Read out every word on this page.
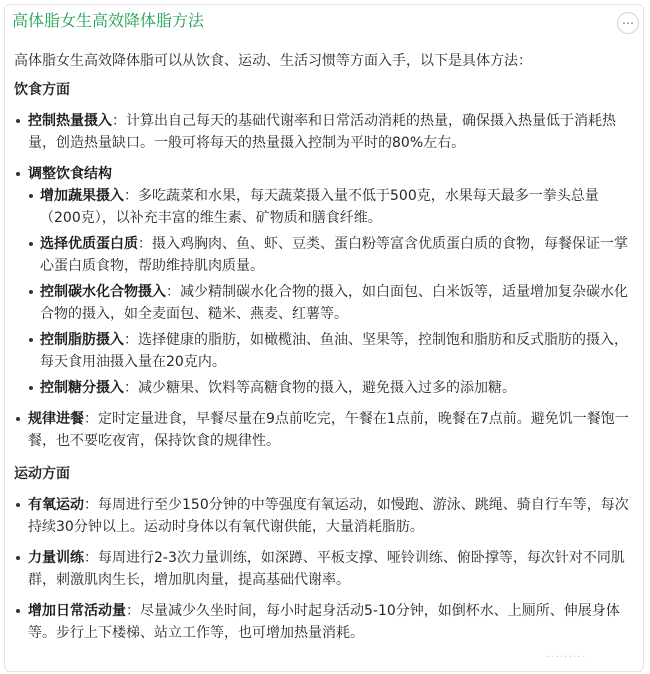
高体脂女生高效降体脂方法	⋯

高体脂女生高效降体脂可以从饮食、运动、生活习惯等方面入手，以下是具体方法：

饮食方面
控制热量摄入：计算出自己每天的基础代谢率和日常活动消耗的热量，确保摄入热量低于消耗热量，创造热量缺口。一般可将每天的热量摄入控制为平时的80%左右。
调整饮食结构
增加蔬果摄入：多吃蔬菜和水果，每天蔬菜摄入量不低于500克，水果每天最多一拳头总量（200克），以补充丰富的维生素、矿物质和膳食纤维。
选择优质蛋白质：摄入鸡胸肉、鱼、虾、豆类、蛋白粉等富含优质蛋白质的食物，每餐保证一掌心蛋白质食物，帮助维持肌肉质量。
控制碳水化合物摄入：减少精制碳水化合物的摄入，如白面包、白米饭等，适量增加复杂碳水化合物的摄入，如全麦面包、糙米、燕麦、红薯等。
控制脂肪摄入：选择健康的脂肪，如橄榄油、鱼油、坚果等，控制饱和脂肪和反式脂肪的摄入，每天食用油摄入量在20克内。
控制糖分摄入：减少糖果、饮料等高糖食物的摄入，避免摄入过多的添加糖。
规律进餐：定时定量进食，早餐尽量在9点前吃完，午餐在1点前，晚餐在7点前。避免饥一餐饱一餐，也不要吃夜宵，保持饮食的规律性。
运动方面
有氧运动：每周进行至少150分钟的中等强度有氧运动，如慢跑、游泳、跳绳、骑自行车等，每次持续30分钟以上。运动时身体以有氧代谢供能，大量消耗脂肪。
力量训练：每周进行2-3次力量训练，如深蹲、平板支撑、哑铃训练、俯卧撑等，每次针对不同肌群，刺激肌肉生长，增加肌肉量，提高基础代谢率。
增加日常活动量：尽量减少久坐时间，每小时起身活动5-10分钟，如倒杯水、上厕所、伸展身体等。步行上下楼梯、站立工作等，也可增加热量消耗。
·········
